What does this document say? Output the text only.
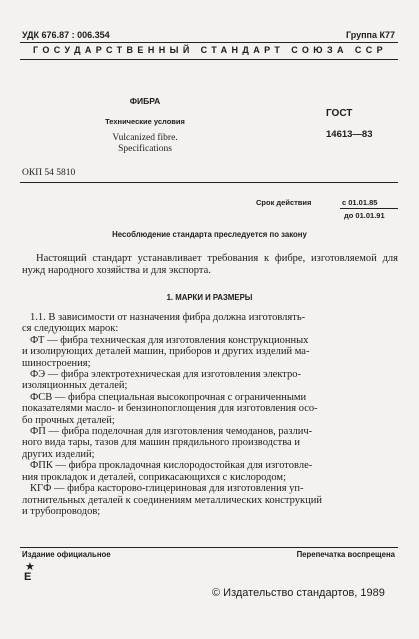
УДК 676.87 : 006.354	Группа К77
ГОСУДАРСТВЕННЫЙ СТАНДАРТ СОЮЗА ССР
ФИБРА
Технические условия
Vulcanized fibre.
Specifications
ГОСТ
14613—83
ОКП 54 5810
Срок действия	с 01.01.85
до 01.01.91
Несоблюдение стандарта преследуется по закону
Настоящий стандарт устанавливает требования к фибре, изготовляемой для нужд народного хозяйства и для экспорта.
1. МАРКИ И РАЗМЕРЫ
1.1. В зависимости от назначения фибра должна изготовлять-
ся следующих марок:
ФТ — фибра техническая для изготовления конструкционных
и изолирующих деталей машин, приборов и других изделий ма-
шиностроения;
ФЭ — фибра электротехническая для изготовления электро-
изоляционных деталей;
ФСВ — фибра специальная высокопрочная с ограниченными
показателями масло- и бензинопоглощения для изготовления осо-
бо прочных деталей;
ФП — фибра поделочная для изготовления чемоданов, различ-
ного вида тары, тазов для машин прядильного производства и
других изделий;
ФПК — фибра прокладочная кислородостойкая для изготовле-
ния прокладок и деталей, соприкасающихся с кислородом;
КГФ — фибра касторово-глицериновая для изготовления уп-
лотнительных деталей к соединениям металлических конструкций
и трубопроводов;
Издание официальное	Перепечатка воспрещена
★
Е
© Издательство стандартов, 1989
